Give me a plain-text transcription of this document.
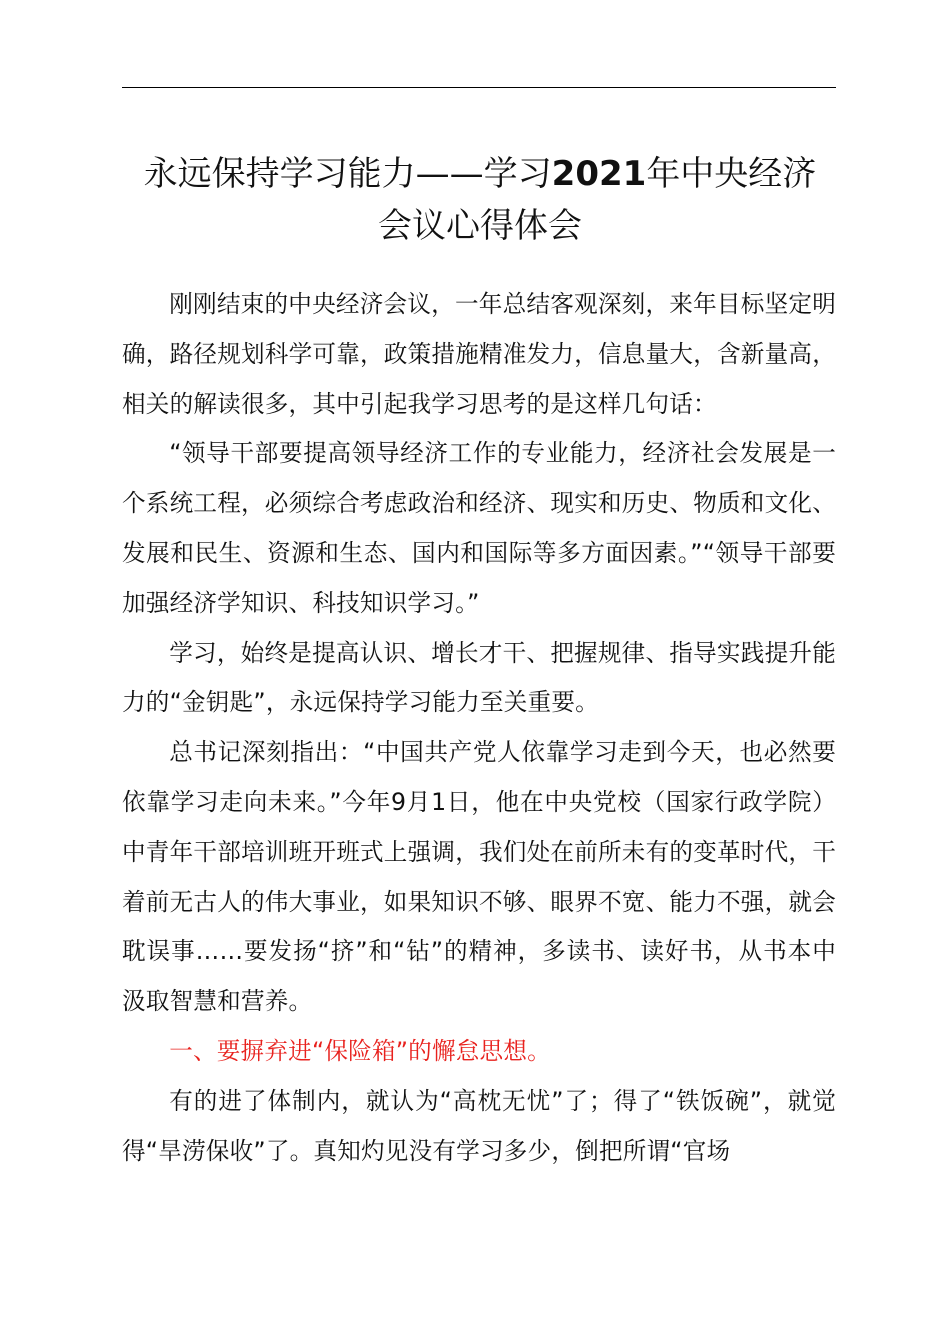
永远保持学习能力——学习2021年中央经济
会议心得体会

刚刚结束的中央经济会议，一年总结客观深刻，来年目标坚定明确，路径规划科学可靠，政策措施精准发力，信息量大，含新量高，相关的解读很多，其中引起我学习思考的是这样几句话：

“领导干部要提高领导经济工作的专业能力，经济社会发展是一个系统工程，必须综合考虑政治和经济、现实和历史、物质和文化、发展和民生、资源和生态、国内和国际等多方面因素。”“领导干部要加强经济学知识、科技知识学习。”

学习，始终是提高认识、增长才干、把握规律、指导实践提升能力的“金钥匙”，永远保持学习能力至关重要。

总书记深刻指出：“中国共产党人依靠学习走到今天，也必然要依靠学习走向未来。”今年9月1日，他在中央党校（国家行政学院）中青年干部培训班开班式上强调，我们处在前所未有的变革时代，干着前无古人的伟大事业，如果知识不够、眼界不宽、能力不强，就会耽误事……要发扬“挤”和“钻”的精神，多读书、读好书，从书本中汲取智慧和营养。

一、要摒弃进“保险箱”的懈怠思想。

有的进了体制内，就认为“高枕无忧”了；得了“铁饭碗”，就觉得“旱涝保收”了。真知灼见没有学习多少，倒把所谓“官场
